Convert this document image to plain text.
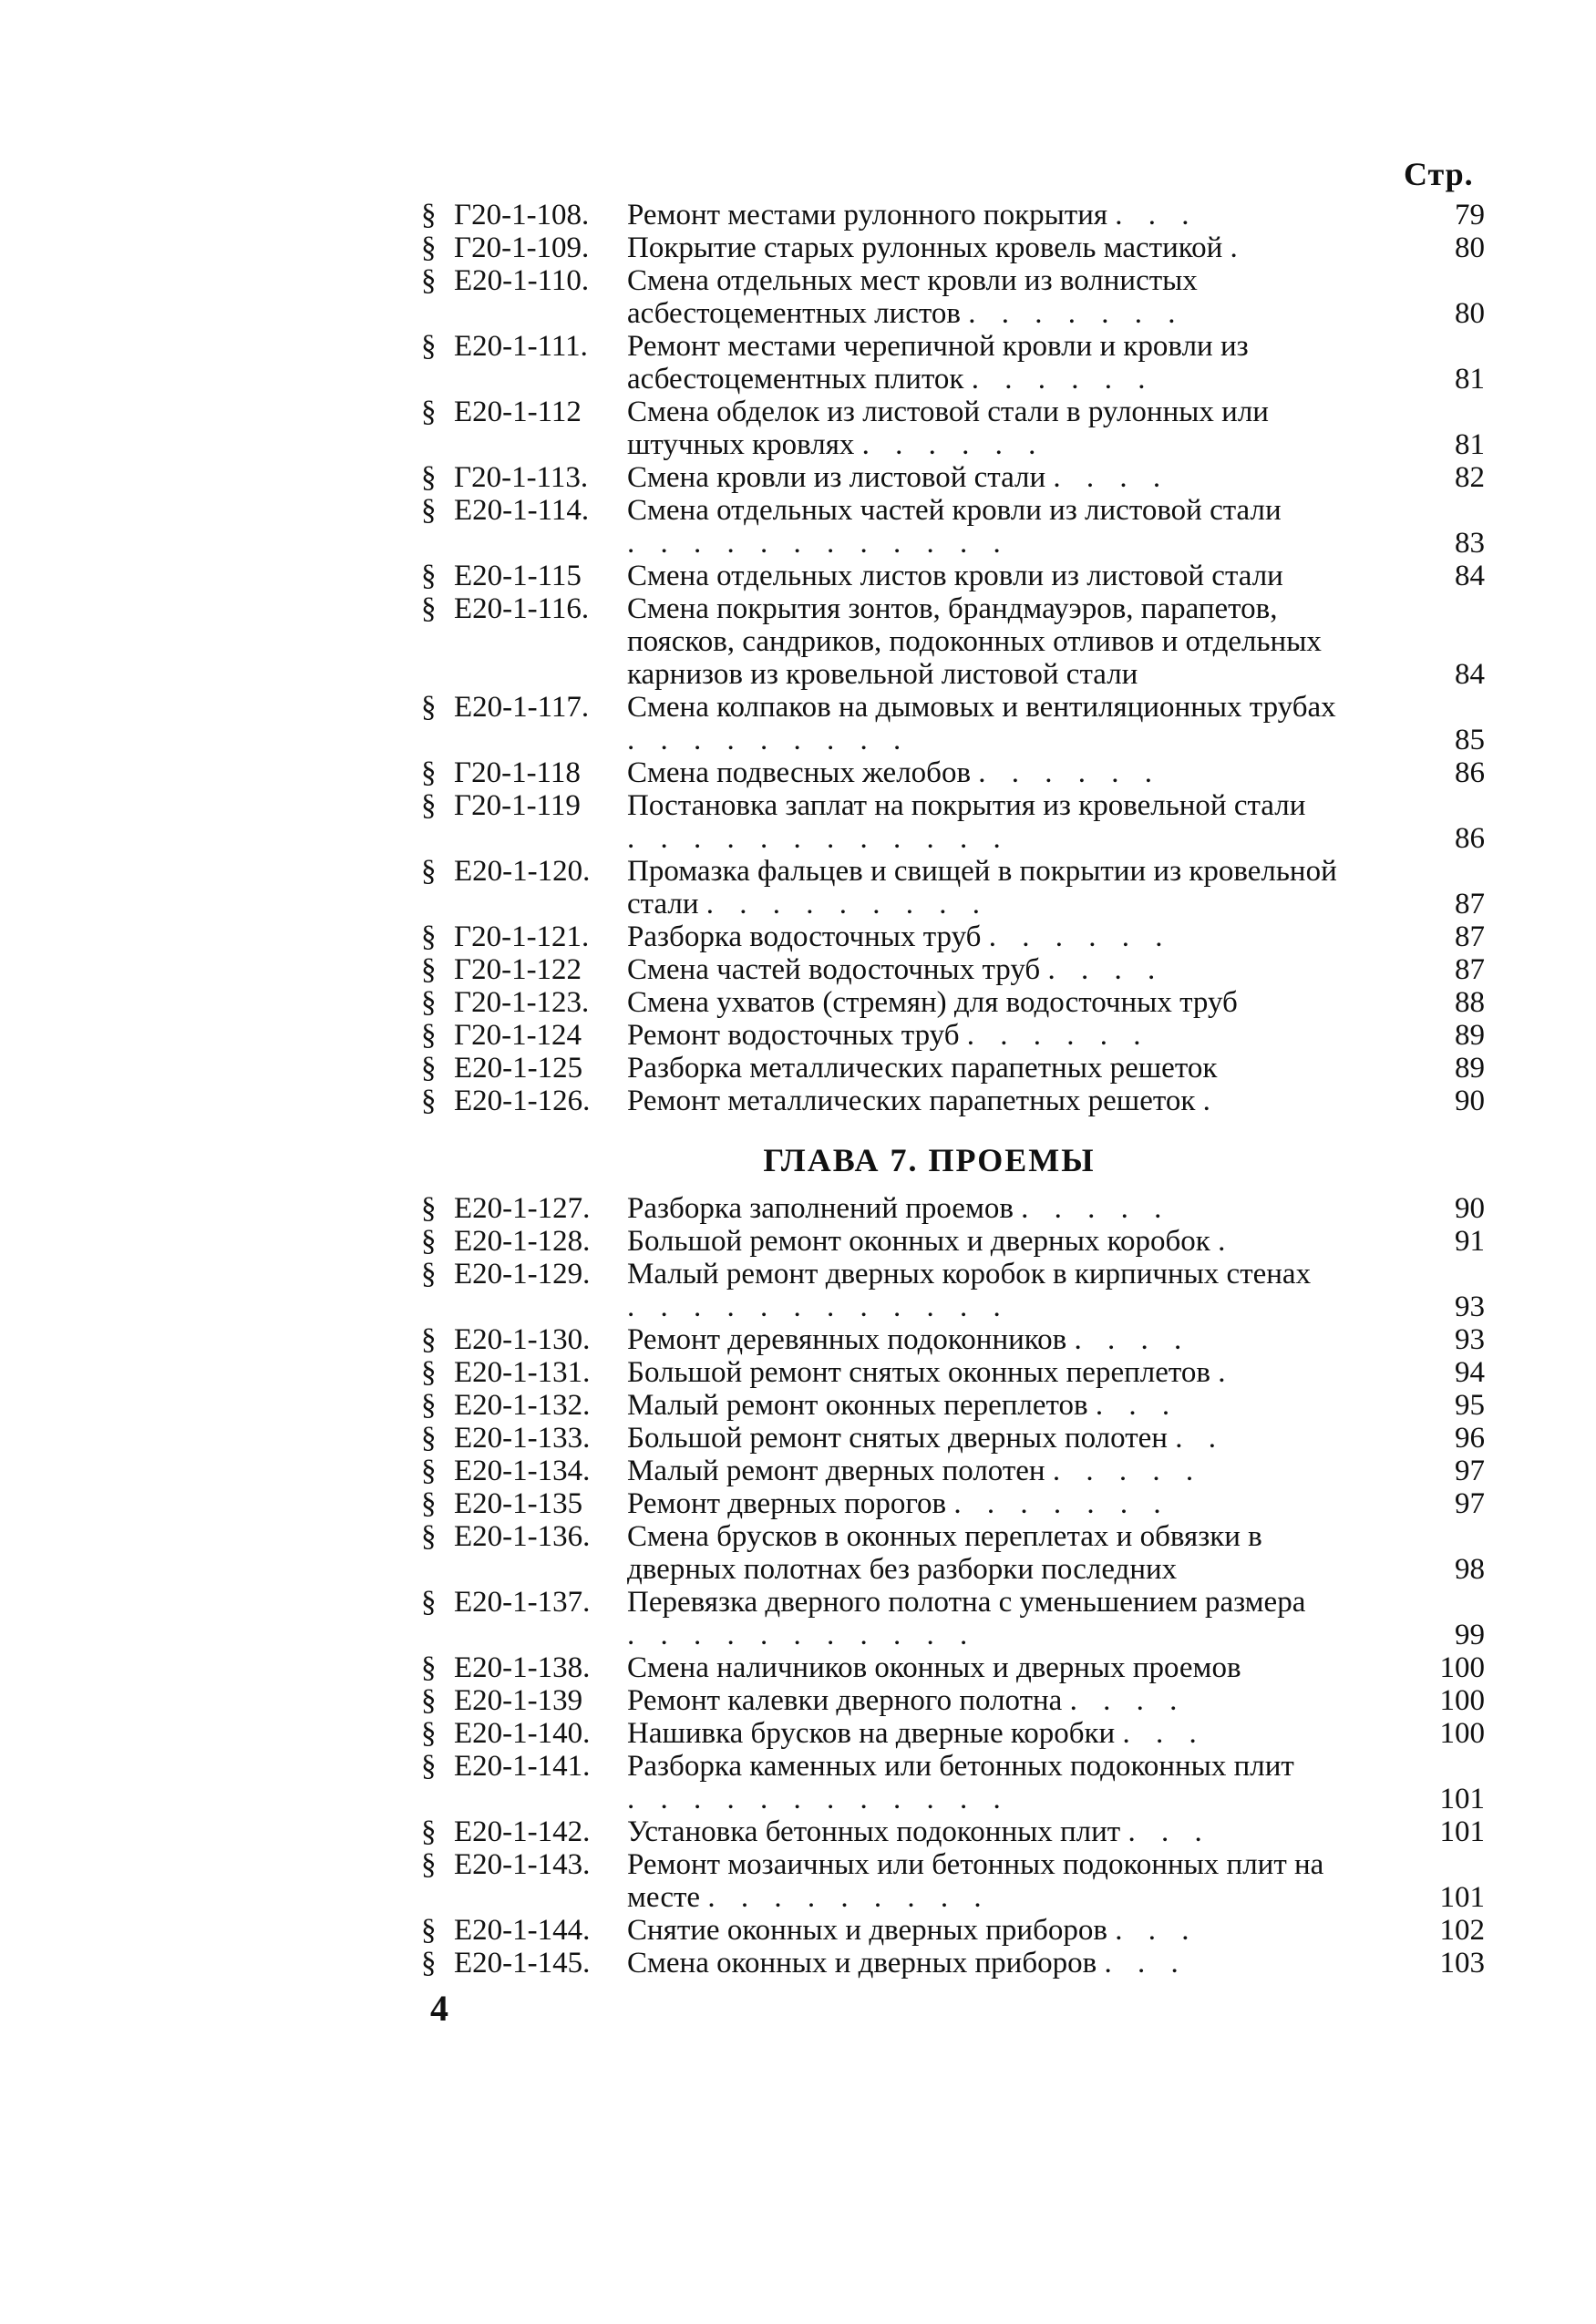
Стр.
§ Г20-1-108.	Ремонт местами рулонного покрытия . . .	79
§ Г20-1-109.	Покрытие старых рулонных кровель мастикой .	80
§ Е20-1-110.	Смена отдельных мест кровли из волнистых асбестоцементных листов . . . . . . .	80
§ Е20-1-111.	Ремонт местами черепичной кровли и кровли из асбестоцементных плиток . . . . . .	81
§ Е20-1-112	Смена обделок из листовой стали в рулонных или штучных кровлях . . . . . .	81
§ Г20-1-113.	Смена кровли из листовой стали . . . .	82
§ Е20-1-114.	Смена отдельных частей кровли из листовой стали . . . . . . . . . . . .	83
§ Е20-1-115	Смена отдельных листов кровли из листовой стали	84
§ Е20-1-116.	Смена покрытия зонтов, брандмауэров, парапетов, поясков, сандриков, подоконных отливов и отдельных карнизов из кровельной листовой стали	84
§ Е20-1-117.	Смена колпаков на дымовых и вентиляционных трубах . . . . . . . . .	85
§ Г20-1-118	Смена подвесных желобов . . . . . .	86
§ Г20-1-119	Постановка заплат на покрытия из кровельной стали . . . . . . . . . . . .	86
§ Е20-1-120.	Промазка фальцев и свищей в покрытии из кровельной стали . . . . . . . . .	87
§ Г20-1-121.	Разборка водосточных труб . . . . . .	87
§ Г20-1-122	Смена частей водосточных труб . . . .	87
§ Г20-1-123.	Смена ухватов (стремян) для водосточных труб	88
§ Г20-1-124	Ремонт водосточных труб . . . . . .	89
§ Е20-1-125	Разборка металлических парапетных решеток	89
§ Е20-1-126.	Ремонт металлических парапетных решеток .	90
ГЛАВА 7. ПРОЕМЫ
§ Е20-1-127.	Разборка заполнений проемов . . . . .	90
§ Е20-1-128.	Большой ремонт оконных и дверных коробок .	91
§ Е20-1-129.	Малый ремонт дверных коробок в кирпичных стенах . . . . . . . . . . . .	93
§ Е20-1-130.	Ремонт деревянных подоконников . . . .	93
§ Е20-1-131.	Большой ремонт снятых оконных переплетов .	94
§ Е20-1-132.	Малый ремонт оконных переплетов . . .	95
§ Е20-1-133.	Большой ремонт снятых дверных полотен . .	96
§ Е20-1-134.	Малый ремонт дверных полотен . . . . .	97
§ Е20-1-135	Ремонт дверных порогов . . . . . . .	97
§ Е20-1-136.	Смена брусков в оконных переплетах и обвязки в дверных полотнах без разборки последних	98
§ Е20-1-137.	Перевязка дверного полотна с уменьшением размера . . . . . . . . . . .	99
§ Е20-1-138.	Смена наличников оконных и дверных проемов	100
§ Е20-1-139	Ремонт калевки дверного полотна . . . .	100
§ Е20-1-140.	Нашивка брусков на дверные коробки . . .	100
§ Е20-1-141.	Разборка каменных или бетонных подоконных плит . . . . . . . . . . . .	101
§ Е20-1-142.	Установка бетонных подоконных плит . . .	101
§ Е20-1-143.	Ремонт мозаичных или бетонных подоконных плит на месте . . . . . . . . .	101
§ Е20-1-144.	Снятие оконных и дверных приборов . . .	102
§ Е20-1-145.	Смена оконных и дверных приборов . . .	103
4
